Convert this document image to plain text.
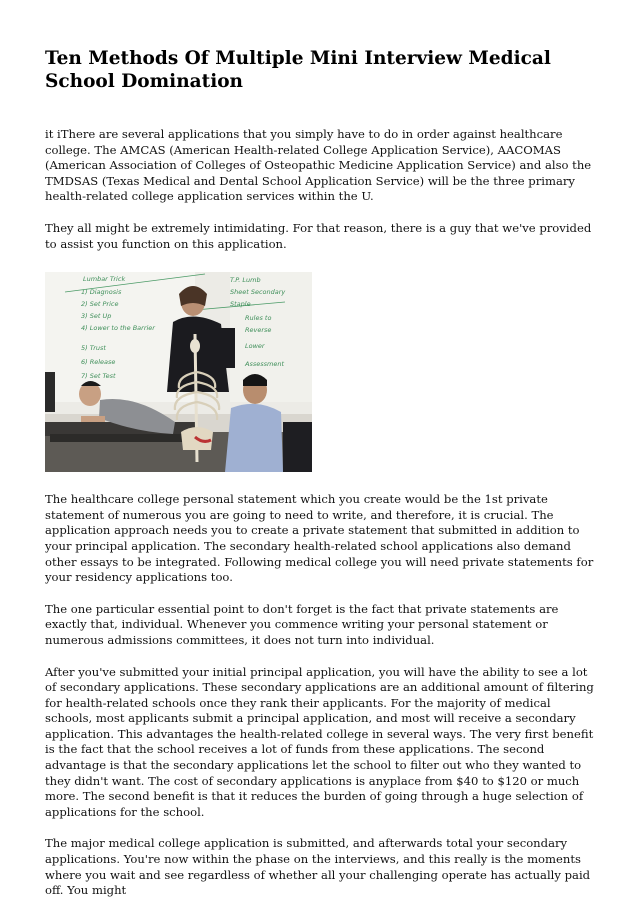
Ten Methods Of Multiple Mini Interview Medical School Domination

it iThere are several applications that you simply have to do in order against healthcare college. The AMCAS (American Health-related College Application Service), AACOMAS (American Association of Colleges of Osteopathic Medicine Application Service) and also the TMDSAS (Texas Medical and Dental School Application Service) will be the three primary health-related college application services within the U.

They all might be extremely intimidating. For that reason, there is a guy that we've provided to assist you function on this application.

Lumbar Trick
1) Diagnosis
2) Set Price
3) Set Up
4) Lower to the Barrier
5) Trust
6) Release
7) Set Test
T.P. Lumb
Sheet Secondary
Staple
Rules to
Reverse
Lower
Assessment

The healthcare college personal statement which you create would be the 1st private statement of numerous you are going to need to write, and therefore, it is crucial. The application approach needs you to create a private statement that submitted in addition to your principal application. The secondary health-related school applications also demand other essays to be integrated. Following medical college you will need private statements for your residency applications too.

The one particular essential point to don't forget is the fact that private statements are exactly that, individual. Whenever you commence writing your personal statement or numerous admissions committees, it does not turn into individual.

After you've submitted your initial principal application, you will have the ability to see a lot of secondary applications. These secondary applications are an additional amount of filtering for health-related schools once they rank their applicants. For the majority of medical schools, most applicants submit a principal application, and most will receive a secondary application. This advantages the health-related college in several ways. The very first benefit is the fact that the school receives a lot of funds from these applications. The second advantage is that the secondary applications let the school to filter out who they wanted to they didn't want. The cost of secondary applications is anyplace from $40 to $120 or much more. The second benefit is that it reduces the burden of going through a huge selection of applications for the school.

The major medical college application is submitted, and afterwards total your secondary applications. You're now within the phase on the interviews, and this really is the moments where you wait and see regardless of whether all your challenging operate has actually paid off. You might
